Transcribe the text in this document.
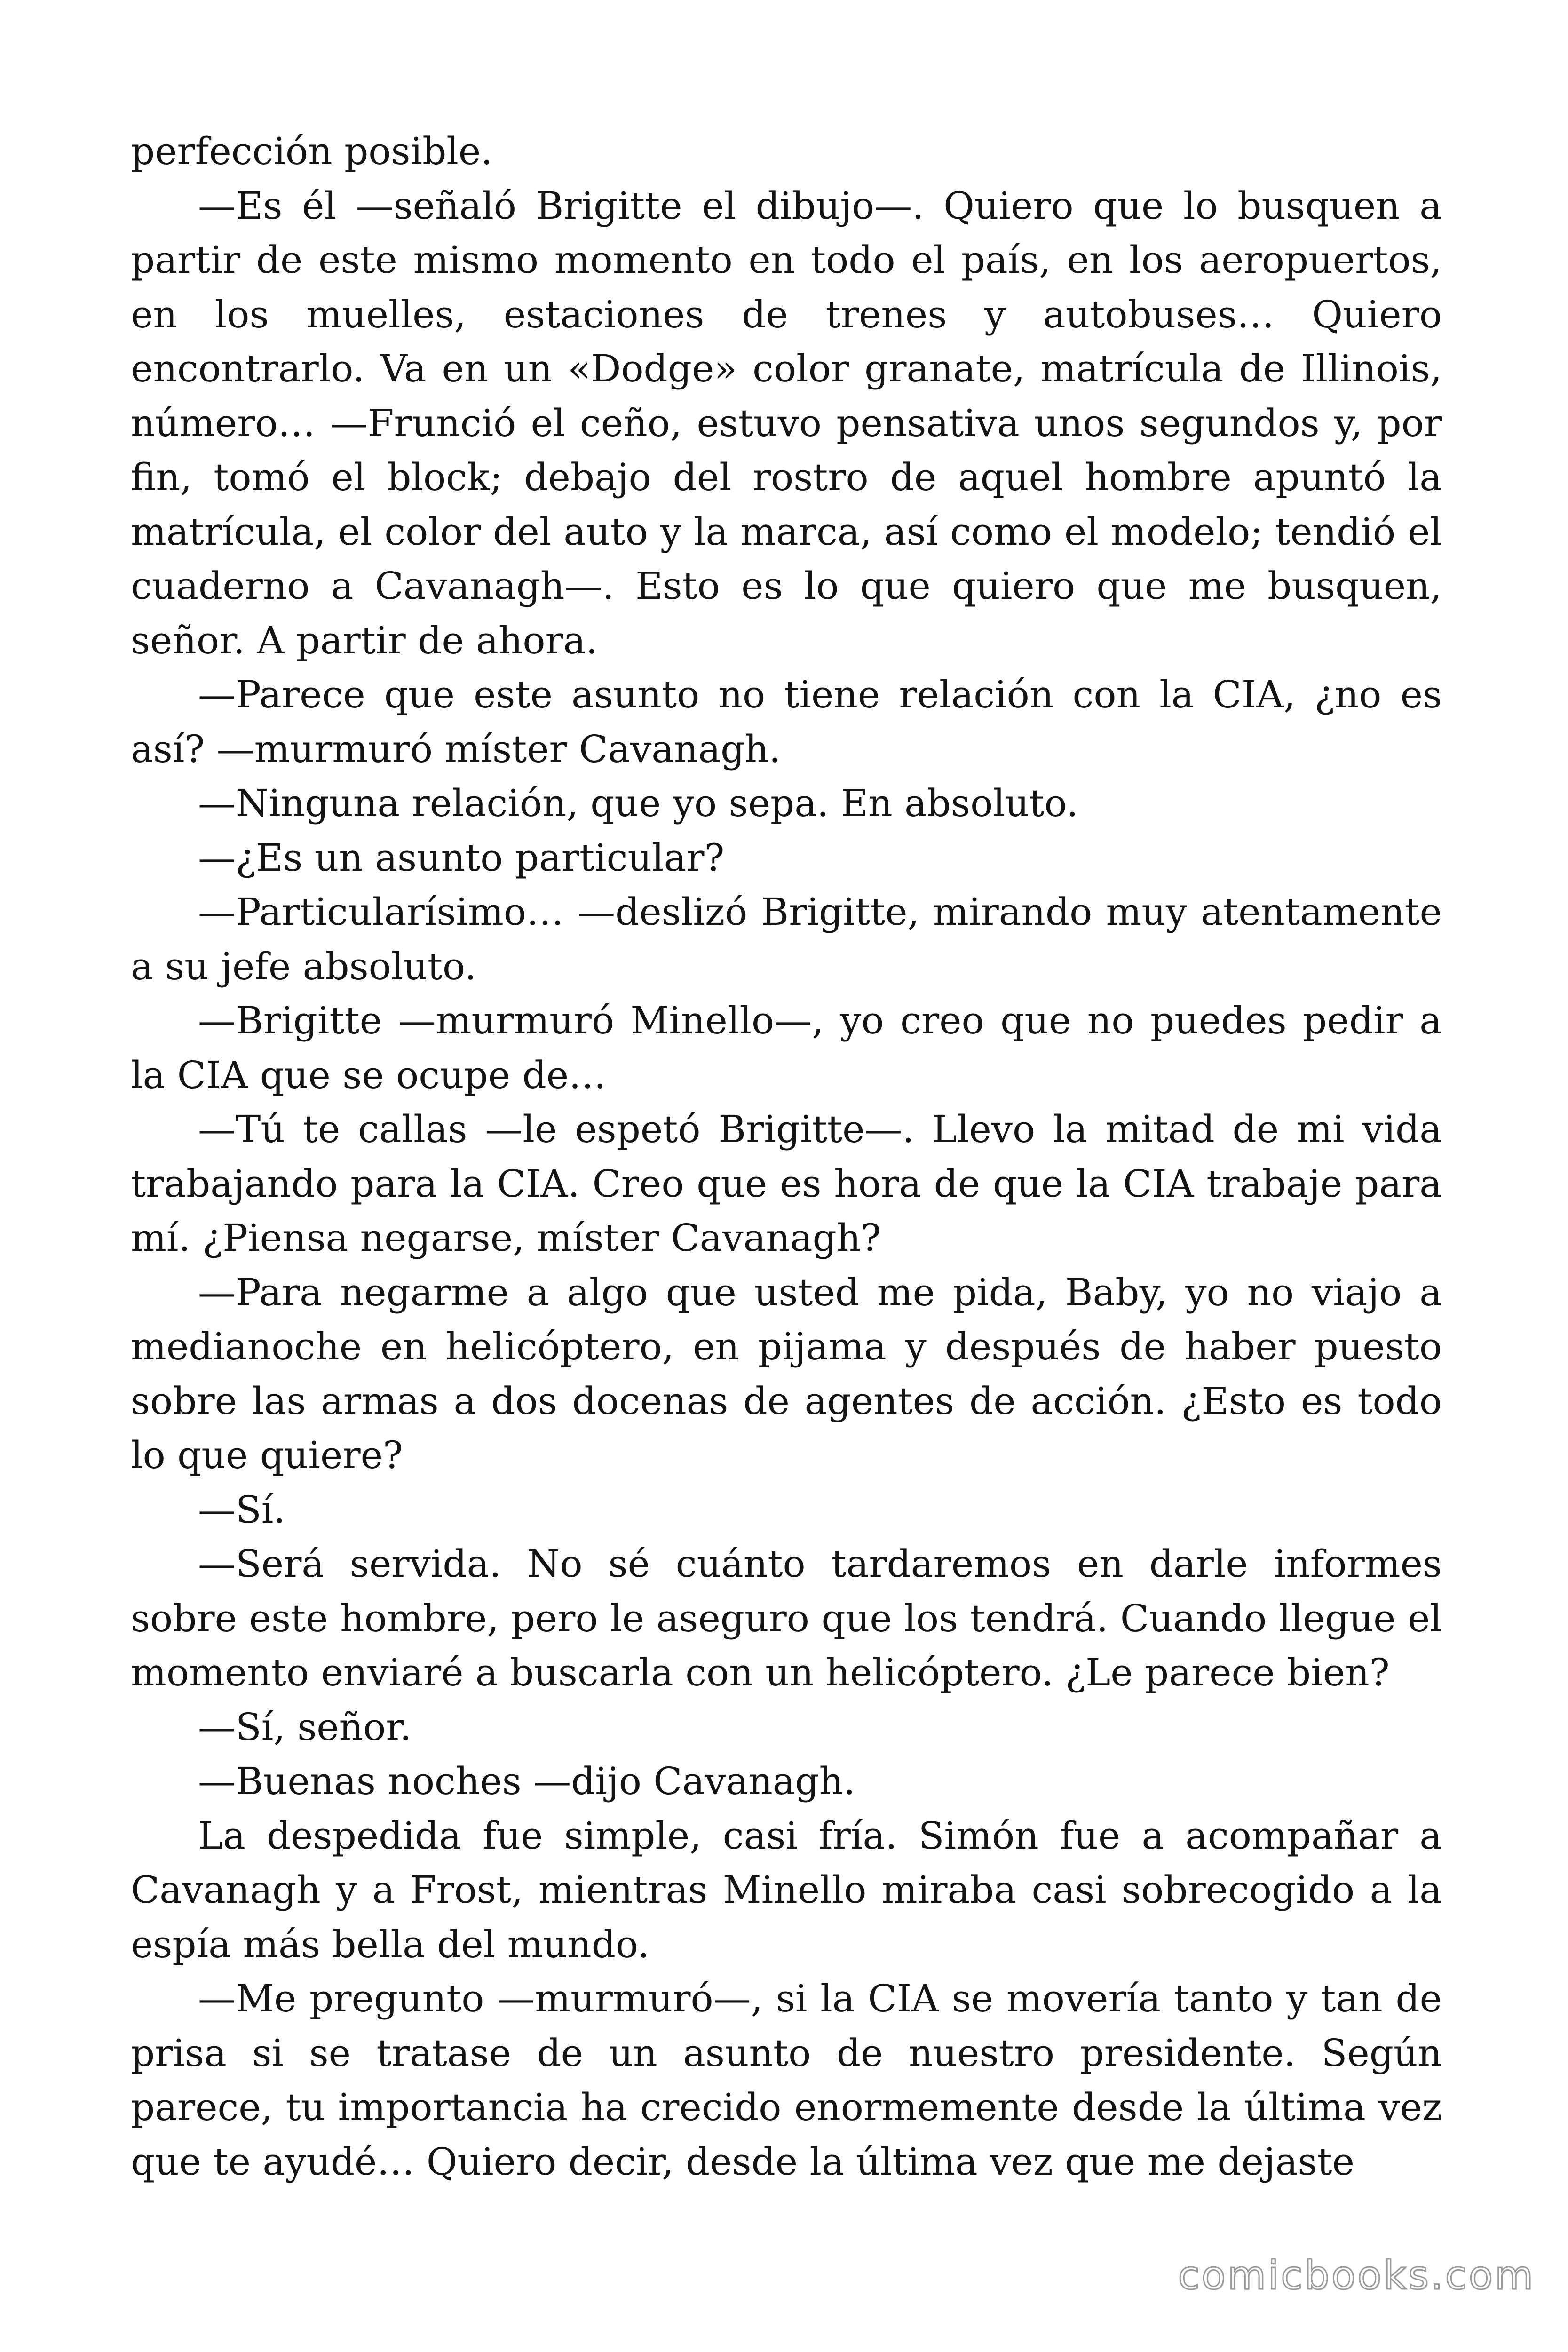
perfección posible.

—Es él —señaló Brigitte el dibujo—. Quiero que lo busquen a partir de este mismo momento en todo el país, en los aeropuertos, en los muelles, estaciones de trenes y autobuses… Quiero encontrarlo. Va en un «Dodge» color granate, matrícula de Illinois, número… —Frunció el ceño, estuvo pensativa unos segundos y, por fin, tomó el block; debajo del rostro de aquel hombre apuntó la matrícula, el color del auto y la marca, así como el modelo; tendió el cuaderno a Cavanagh—. Esto es lo que quiero que me busquen, señor. A partir de ahora.

—Parece que este asunto no tiene relación con la CIA, ¿no es así? —murmuró míster Cavanagh.

—Ninguna relación, que yo sepa. En absoluto.

—¿Es un asunto particular?

—Particularísimo… —deslizó Brigitte, mirando muy atentamente a su jefe absoluto.

—Brigitte —murmuró Minello—, yo creo que no puedes pedir a la CIA que se ocupe de…

—Tú te callas —le espetó Brigitte—. Llevo la mitad de mi vida trabajando para la CIA. Creo que es hora de que la CIA trabaje para mí. ¿Piensa negarse, míster Cavanagh?

—Para negarme a algo que usted me pida, Baby, yo no viajo a medianoche en helicóptero, en pijama y después de haber puesto sobre las armas a dos docenas de agentes de acción. ¿Esto es todo lo que quiere?

—Sí.

—Será servida. No sé cuánto tardaremos en darle informes sobre este hombre, pero le aseguro que los tendrá. Cuando llegue el momento enviaré a buscarla con un helicóptero. ¿Le parece bien?

—Sí, señor.

—Buenas noches —dijo Cavanagh.

La despedida fue simple, casi fría. Simón fue a acompañar a Cavanagh y a Frost, mientras Minello miraba casi sobrecogido a la espía más bella del mundo.

—Me pregunto —murmuró—, si la CIA se movería tanto y tan de prisa si se tratase de un asunto de nuestro presidente. Según parece, tu importancia ha crecido enormemente desde la última vez que te ayudé… Quiero decir, desde la última vez que me dejaste

comicbooks.com
